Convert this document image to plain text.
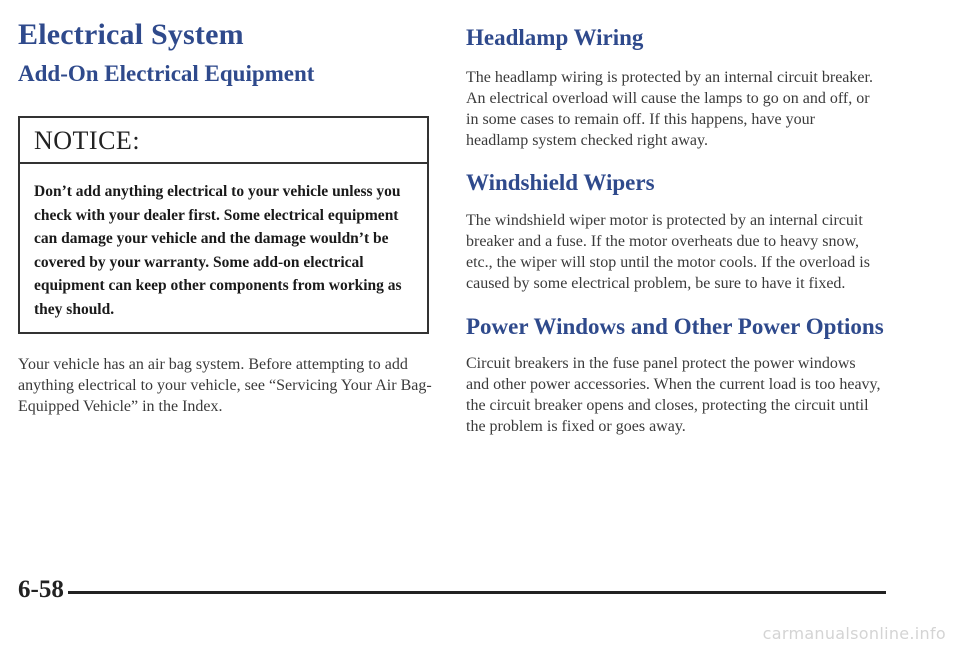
Electrical System
Add-On Electrical Equipment
NOTICE:
Don’t add anything electrical to your vehicle unless you check with your dealer first. Some electrical equipment can damage your vehicle and the damage wouldn’t be covered by your warranty. Some add-on electrical equipment can keep other components from working as they should.

Your vehicle has an air bag system. Before attempting to add anything electrical to your vehicle, see “Servicing Your Air Bag-Equipped Vehicle” in the Index.

Headlamp Wiring

The headlamp wiring is protected by an internal circuit breaker. An electrical overload will cause the lamps to go on and off, or in some cases to remain off. If this happens, have your headlamp system checked right away.

Windshield Wipers

The windshield wiper motor is protected by an internal circuit breaker and a fuse. If the motor overheats due to heavy snow, etc., the wiper will stop until the motor cools. If the overload is caused by some electrical problem, be sure to have it fixed.

Power Windows and Other Power Options

Circuit breakers in the fuse panel protect the power windows and other power accessories. When the current load is too heavy, the circuit breaker opens and closes, protecting the circuit until the problem is fixed or goes away.

6-58
carmanualsonline.info
